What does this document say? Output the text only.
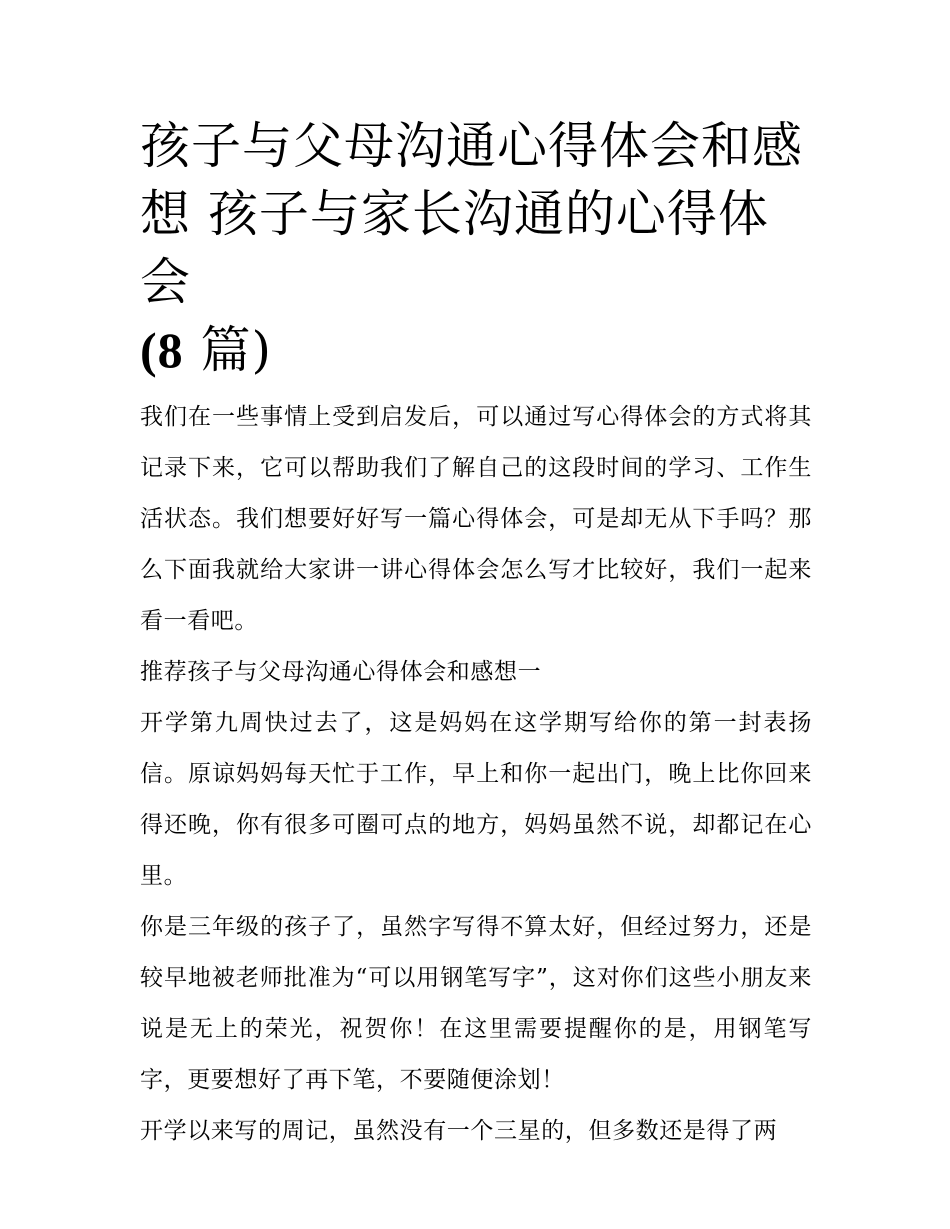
孩子与父母沟通心得体会和感
想 孩子与家长沟通的心得体会
(8 篇)

我们在一些事情上受到启发后，可以通过写心得体会的方式将其记录下来，它可以帮助我们了解自己的这段时间的学习、工作生活状态。我们想要好好写一篇心得体会，可是却无从下手吗？那么下面我就给大家讲一讲心得体会怎么写才比较好，我们一起来看一看吧。

推荐孩子与父母沟通心得体会和感想一

开学第九周快过去了，这是妈妈在这学期写给你的第一封表扬信。原谅妈妈每天忙于工作，早上和你一起出门，晚上比你回来得还晚，你有很多可圈可点的地方，妈妈虽然不说，却都记在心里。

你是三年级的孩子了，虽然字写得不算太好，但经过努力，还是较早地被老师批准为“可以用钢笔写字”，这对你们这些小朋友来说是无上的荣光，祝贺你！在这里需要提醒你的是，用钢笔写字，更要想好了再下笔，不要随便涂划！

开学以来写的周记，虽然没有一个三星的，但多数还是得了两
